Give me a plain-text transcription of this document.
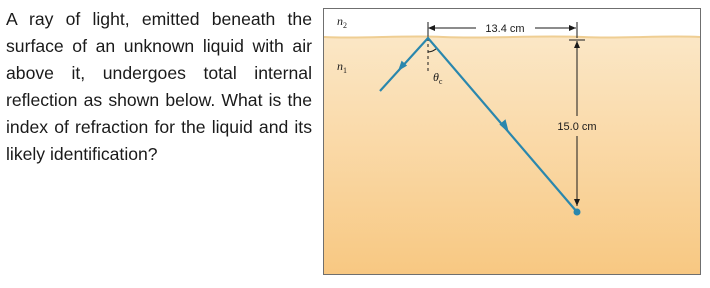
A ray of light, emitted beneath the surface of an unknown liquid with air above it, undergoes total internal reflection as shown below. What is the index of refraction for the liquid and its likely identification?
n2
n1
13.4 cm
15.0 cm
θc
